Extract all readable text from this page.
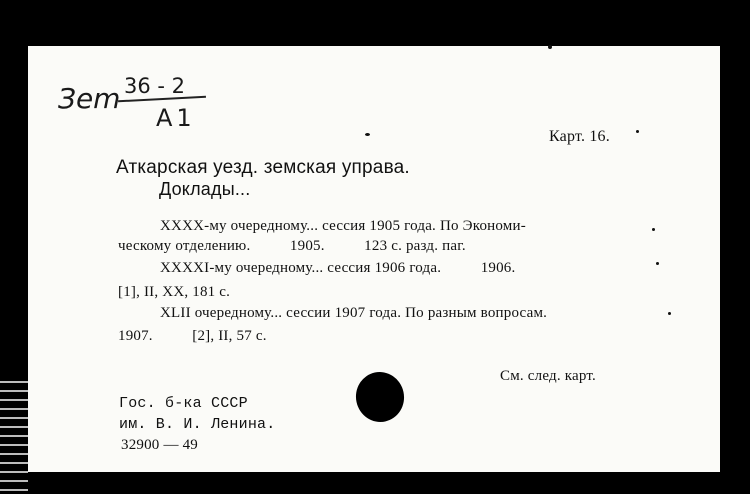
Зem 36 - 2
A1
Карт. 16.
Аткарская уезд. земская управа.
Доклады...
XXXX-му очередному... сессия 1905 года. По Экономи-
ческому отделению.          1905.          123 с. разд. паг.
XXXXI-му очередному... сессия 1906 года.          1906.
[1], II, XX, 181 с.
XLII очередному... сессии 1907 года. По разным вопросам.
1907.          [2], II, 57 с.
См. след. карт.
Гос. б-ка СССР
им. В. И. Ленина.
32900 — 49
